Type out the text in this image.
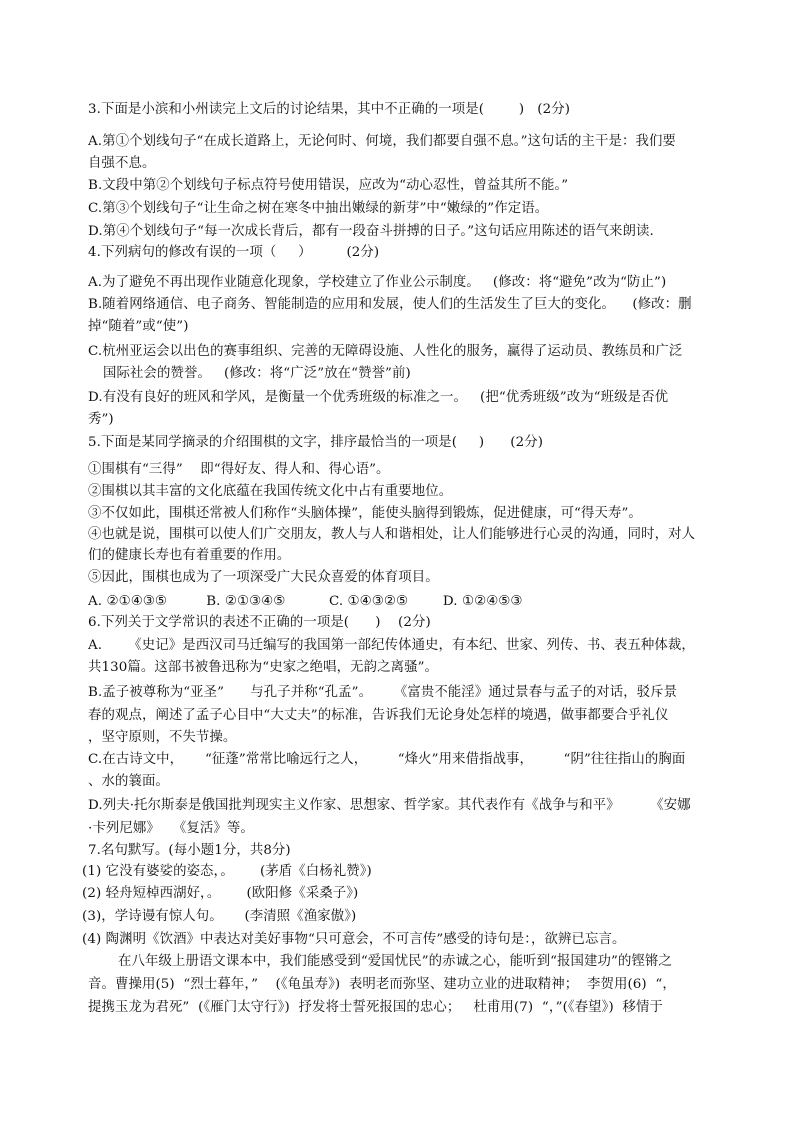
3.下面是小滨和小州读完上文后的讨论结果，其中不正确的一项是(        )   (2分)
A.第①个划线句子“在成长道路上，无论何时、何境，我们都要自强不息。”这句话的主干是：我们要
自强不息。
B.文段中第②个划线句子标点符号使用错误，应改为“动心忍性，曾益其所不能。”
C.第③个划线句子“让生命之树在寒冬中抽出嫩绿的新芽”中“嫩绿的”作定语。
D.第④个划线句子“每一次成长背后，都有一段奋斗拼搏的日子。”这句话应用陈述的语气来朗读.
4.下列病句的修改有误的一项（     ）        (2分)
A.为了避免不再出现作业随意化现象，学校建立了作业公示制度。   (修改：将“避免”改为“防止”)
B.随着网络通信、电子商务、智能制造的应用和发展，使人们的生活发生了巨大的变化。    (修改：删
掉“随着”或“使”)
C.杭州亚运会以出色的赛事组织、完善的无障碍设施、人性化的服务，赢得了运动员、教练员和广泛
国际社会的赞誉。   (修改：将“广泛”放在“赞誉”前)
D.有没有良好的班风和学风，是衡量一个优秀班级的标准之一。   (把“优秀班级”改为“班级是否优
秀”)
5.下面是某同学摘录的介绍围棋的文字，排序最恰当的一项是(     )      (2分)
①围棋有“三得”    即“得好友、得人和、得心语”。
②围棋以其丰富的文化底蕴在我国传统文化中占有重要地位。
③不仅如此，围棋还常被人们称作“头脑体操”，能使头脑得到锻炼，促进健康，可“得天寿”。
④也就是说，围棋可以使人们广交朋友，教人与人和谐相处，让人们能够进行心灵的沟通，同时，对人
们的健康长寿也有着重要的作用。
⑤因此，围棋也成为了一项深受广大民众喜爱的体育项目。
A. ②①④③⑤         B. ②①③④⑤          C. ①④③②⑤        D. ①②④⑤③
6.下列关于文学常识的表述不正确的一项是(      )    (2分)
A.      《史记》是西汉司马迁编写的我国第一部纪传体通史，有本纪、世家、列传、书、表五种体裁，
共130篇。这部书被鲁迅称为“史家之绝唱，无韵之离骚”。
B.孟子被尊称为“亚圣”      与孔子并称“孔孟”。     《富贵不能淫》通过景春与孟子的对话，驳斥景
春的观点，阐述了孟子心目中“大丈夫”的标准，告诉我们无论身处怎样的境遇，做事都要合乎礼仪
，坚守原则，不失节操。
C.在古诗文中，     “征蓬”常常比喻远行之人，       “烽火”用来借指战事，       “阴”往往指山的胸面
、水的簔面。
D.列夫·托尔斯泰是俄国批判现实主义作家、思想家、哲学家。其代表作有《战争与和平》       《安娜
·卡列尼娜》   《复活》等。
7.名句默写。(每小题1分，共8分)
(1) 它没有婆娑的姿态，。      (茅盾《白杨礼赞》)
(2) 轻舟短棹西湖好，。      (欧阳修《采桑子》)
(3)，学诗谩有惊人句。     (李清照《渔家傲》)
(4) 陶渊明《饮酒》中表达对美好事物“只可意会，不可言传”感受的诗句是：，欲辨已忘言。
在八年级上册语文课本中，我们能感受到“爱国忧民”的赤诚之心，能听到“报国建功”的铿锵之
音。曹操用(5)  “烈士暮年，”    (《龟虽寿》)  表明老而弥坚、建功立业的进取精神；  李贺用(6)  “，
提携玉龙为君死”  (《雁门太守行》)  抒发将士誓死报国的忠心；   杜甫用(7)  “，”(《春望》)  移情于
